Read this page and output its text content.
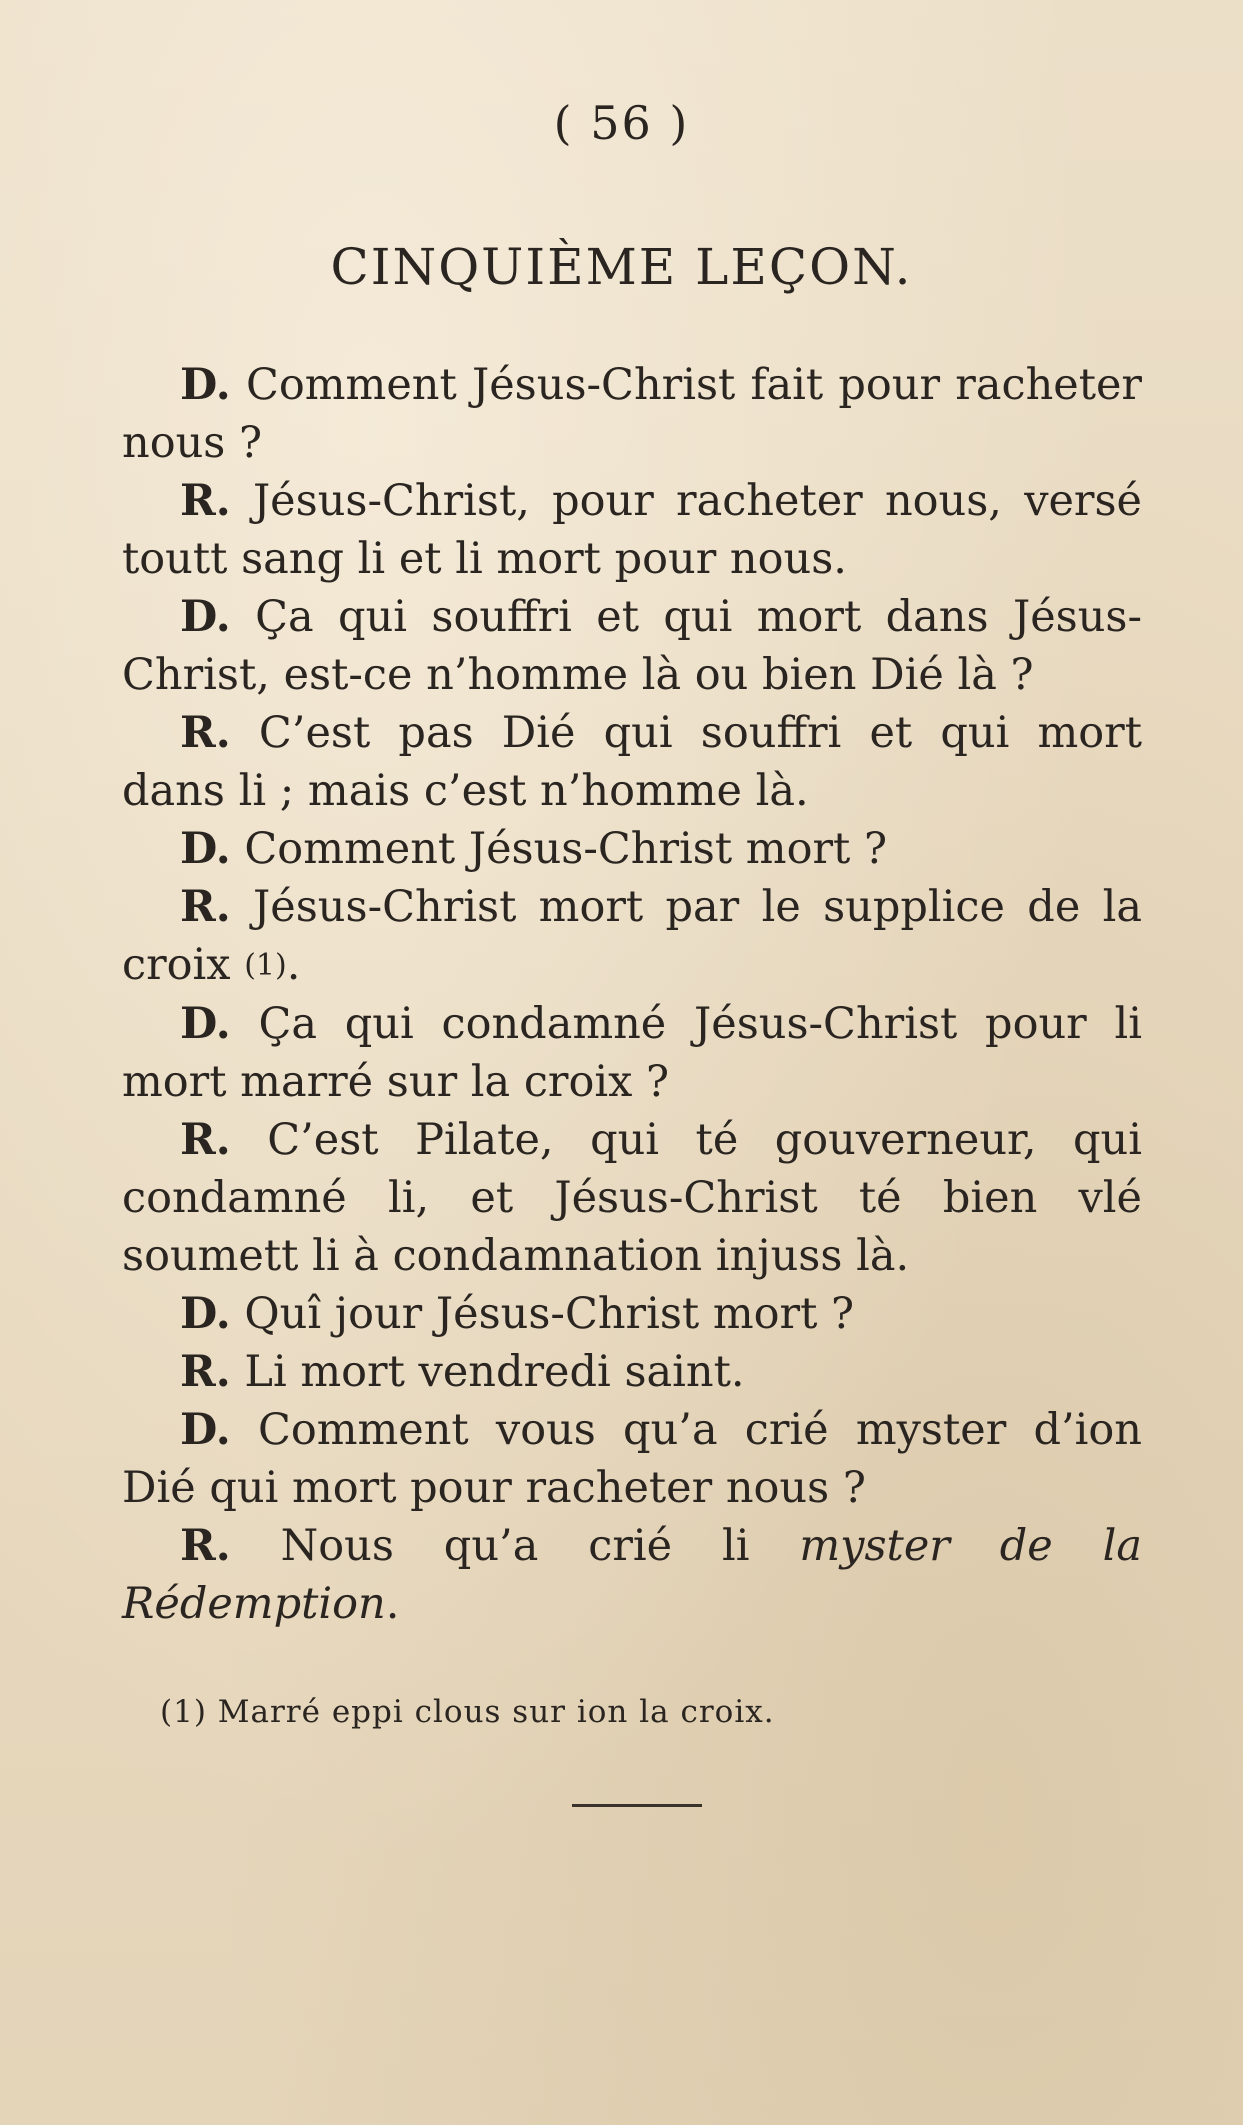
( 56 )
CINQUIÈME LEÇON.

D. Comment Jésus-Christ fait pour racheter nous ?

R. Jésus-Christ, pour racheter nous, versé toutt sang li et li mort pour nous.

D. Ça qui souffri et qui mort dans Jésus-Christ, est-ce n’homme là ou bien Dié là ?

R. C’est pas Dié qui souffri et qui mort dans li ; mais c’est n’homme là.

D. Comment Jésus-Christ mort ?

R. Jésus-Christ mort par le supplice de la croix (1).

D. Ça qui condamné Jésus-Christ pour li mort marré sur la croix ?

R. C’est Pilate, qui té gouverneur, qui condamné li, et Jésus-Christ té bien vlé soumett li à condamnation injuss là.

D. Quî jour Jésus-Christ mort ?

R. Li mort vendredi saint.

D. Comment vous qu’a crié myster d’ion Dié qui mort pour racheter nous ?

R. Nous qu’a crié li myster de la Rédemption.

(1) Marré eppi clous sur ion la croix.
